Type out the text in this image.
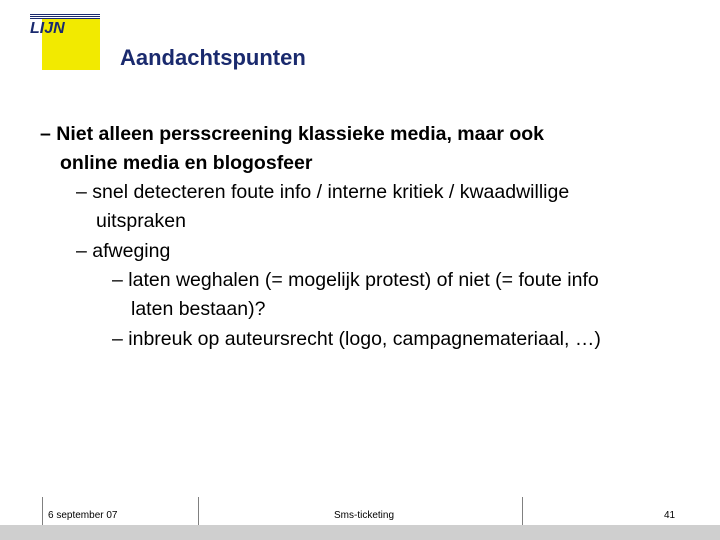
LIJN
Aandachtspunten
– Niet alleen persscreening klassieke media, maar ook
online media en blogosfeer
– snel detecteren foute info / interne kritiek / kwaadwillige
uitspraken
– afweging
– laten weghalen (= mogelijk protest) of niet (= foute info
laten bestaan)?
– inbreuk op auteursrecht (logo, campagnemateriaal, …)
6 september 07	Sms-ticketing	41
